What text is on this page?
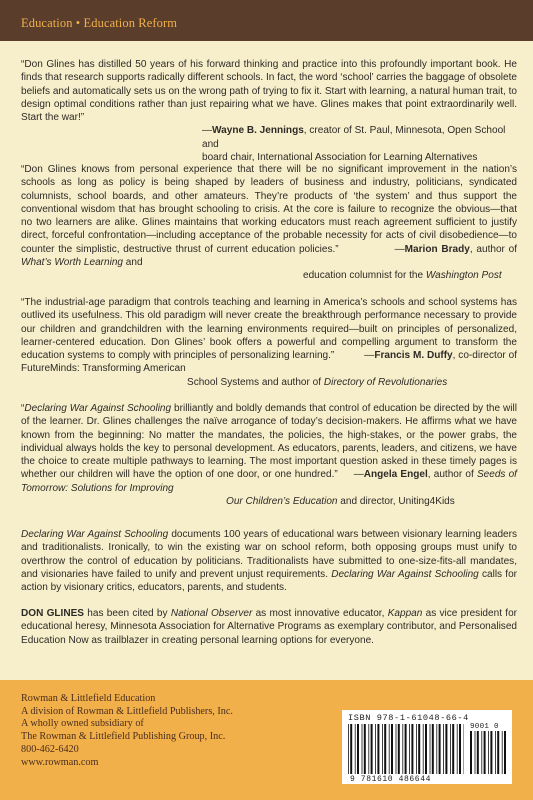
Education • Education Reform

“Don Glines has distilled 50 years of his forward thinking and practice into this profoundly important book. He finds that research supports radically different schools. In fact, the word ‘school’ carries the baggage of obsolete beliefs and automatically sets us on the wrong path of trying to fix it. Start with learning, a natural human trait, to design optimal conditions rather than just repairing what we have. Glines makes that point extraordinarily well. Start the war!”

—Wayne B. Jennings, creator of St. Paul, Minnesota, Open School and
board chair, International Association for Learning Alternatives

“Don Glines knows from personal experience that there will be no significant improvement in the nation’s schools as long as policy is being shaped by leaders of business and industry, politicians, syndicated columnists, school boards, and other amateurs. They’re products of ‘the system’ and thus support the conventional wisdom that has brought schooling to crisis. At the core is failure to recognize the obvious—that no two learners are alike. Glines maintains that working educators must reach agreement sufficient to justify direct, forceful confrontation—including acceptance of the probable necessity for acts of civil disobedience—to counter the simplistic, destructive thrust of current education policies.”	—Marion Brady, author of What’s Worth Learning and

education columnist for the Washington Post

“The industrial-age paradigm that controls teaching and learning in America’s schools and school systems has outlived its usefulness. This old paradigm will never create the breakthrough performance necessary to provide our children and grandchildren with the learning environments required—built on principles of personalized, learner-centered education. Don Glines’ book offers a powerful and compelling argument to transform the education systems to comply with principles of personalizing learning.”	—Francis M. Duffy, co-director of FutureMinds: Transforming American

School Systems and author of Directory of Revolutionaries

“Declaring War Against Schooling brilliantly and boldly demands that control of education be directed by the will of the learner. Dr. Glines challenges the naïve arrogance of today’s decision-makers. He affirms what we have known from the beginning: No matter the mandates, the policies, the high-stakes, or the power grabs, the individual always holds the key to personal development. As educators, parents, leaders, and citizens, we have the choice to create multiple pathways to learning. The most important question asked in these timely pages is whether our children will have the option of one door, or one hundred.” —Angela Engel, author of Seeds of Tomorrow: Solutions for Improving

Our Children’s Education and director, Uniting4Kids

Declaring War Against Schooling documents 100 years of educational wars between visionary learning leaders and traditionalists. Ironically, to win the existing war on school reform, both opposing groups must unify to overthrow the control of education by politicians. Traditionalists have submitted to one-size-fits-all mandates, and visionaries have failed to unify and prevent unjust requirements. Declaring War Against Schooling calls for action by visionary critics, educators, parents, and students.

DON GLINES has been cited by National Observer as most innovative educator, Kappan as vice president for educational heresy, Minnesota Association for Alternative Programs as exemplary contributor, and Personalised Education Now as trailblazer in creating personal learning options for everyone.

Rowman & Littlefield Education
A division of Rowman & Littlefield Publishers, Inc.
A wholly owned subsidiary of
The Rowman & Littlefield Publishing Group, Inc.
800-462-6420
www.rowman.com
ISBN 978-1-61048-66-4
9001 0
9 781610 486644
